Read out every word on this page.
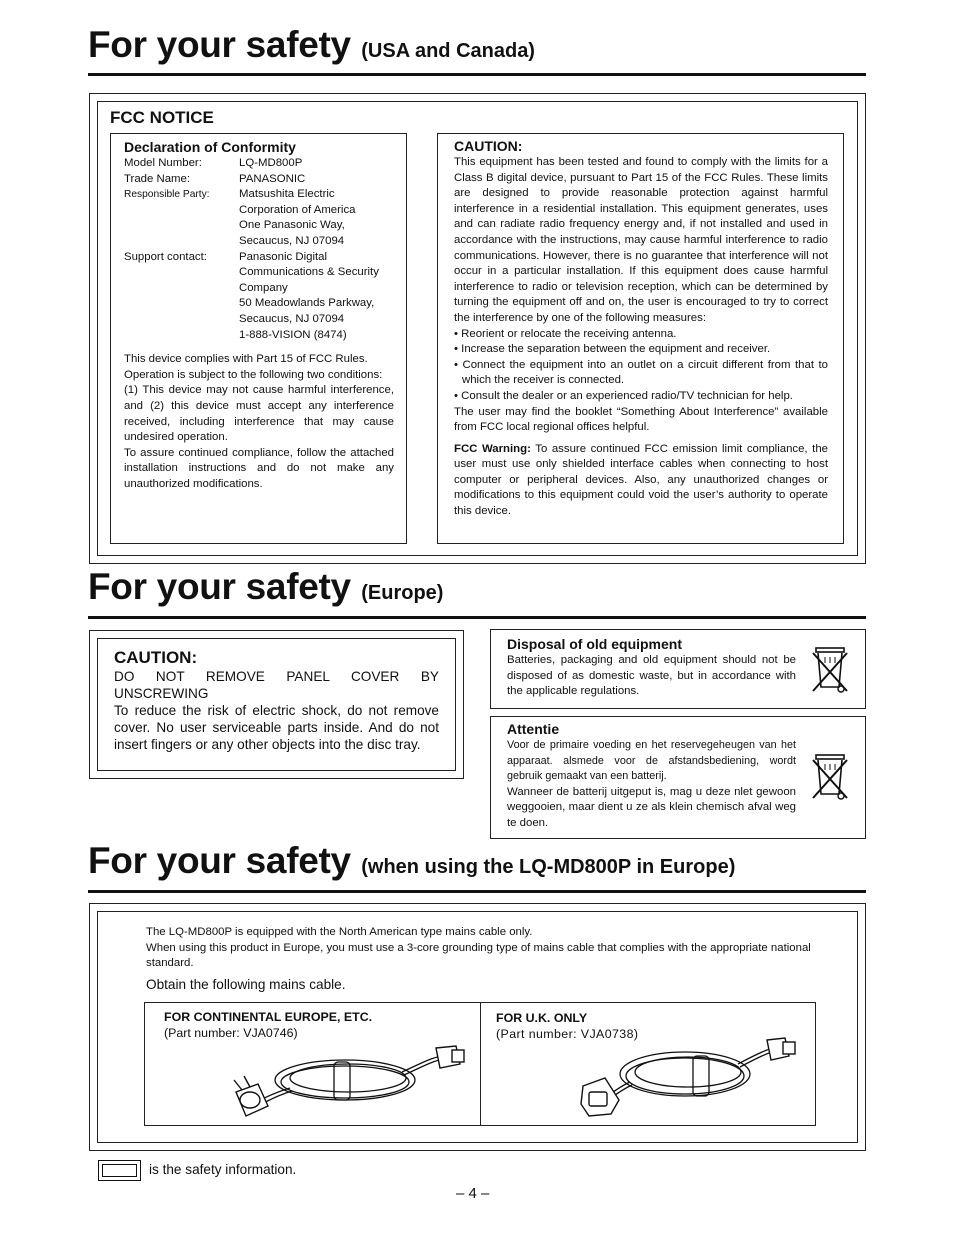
For your safety (USA and Canada)
FCC NOTICE
Declaration of Conformity
Model Number:	LQ-MD800P
Trade Name:	PANASONIC
Responsible Party:	Matsushita Electric
Corporation of America
One Panasonic Way,
Secaucus, NJ 07094
Support contact:	Panasonic Digital
Communications & Security
Company
50 Meadowlands Parkway,
Secaucus, NJ 07094
1-888-VISION (8474)

This device complies with Part 15 of FCC Rules.

Operation is subject to the following two conditions:

(1) This device may not cause harmful interference, and (2) this device must accept any interference received, including interference that may cause undesired operation.

To assure continued compliance, follow the attached installation instructions and do not make any unauthorized modifications.

CAUTION:

This equipment has been tested and found to comply with the limits for a Class B digital device, pursuant to Part 15 of the FCC Rules. These limits are designed to provide reasonable protection against harmful interference in a residential installation. This equipment generates, uses and can radiate radio frequency energy and, if not installed and used in accordance with the instructions, may cause harmful interference to radio communications. However, there is no guarantee that interference will not occur in a particular installation. If this equipment does cause harmful interference to radio or television reception, which can be determined by turning the equipment off and on, the user is encouraged to try to correct the interference by one of the following measures:

• Reorient or relocate the receiving antenna.

• Increase the separation between the equipment and receiver.

• Connect the equipment into an outlet on a circuit different from that to which the receiver is connected.

• Consult the dealer or an experienced radio/TV technician for help.

The user may find the booklet “Something About Interference” available from FCC local regional offices helpful.

FCC Warning: To assure continued FCC emission limit compliance, the user must use only shielded interface cables when connecting to host computer or peripheral devices. Also, any unauthorized changes or modifications to this equipment could void the user’s authority to operate this device.

For your safety (Europe)
CAUTION:
DO NOT REMOVE PANEL COVER BY
UNSCREWING

To reduce the risk of electric shock, do not remove cover. No user serviceable parts inside. And do not insert fingers or any other objects into the disc tray.

Disposal of old equipment

Batteries, packaging and old equipment should not be disposed of as domestic waste, but in accordance with the applicable regulations.

Attentie

Voor de primaire voeding en het reservegeheugen van het apparaat. alsmede voor de afstandsbediening, wordt gebruik gemaakt van een batterij.

Wanneer de batterij uitgeput is, mag u deze nlet gewoon weggooien, maar dient u ze als klein chemisch afval weg te doen.

For your safety (when using the LQ-MD800P in Europe)

The LQ-MD800P is equipped with the North American type mains cable only.

When using this product in Europe, you must use a 3-core grounding type of mains cable that complies with the appropriate national standard.

Obtain the following mains cable.

FOR CONTINENTAL EUROPE, ETC.
(Part number: VJA0746)
FOR U.K. ONLY
(Part number: VJA0738)
is the safety information.
– 4 –
